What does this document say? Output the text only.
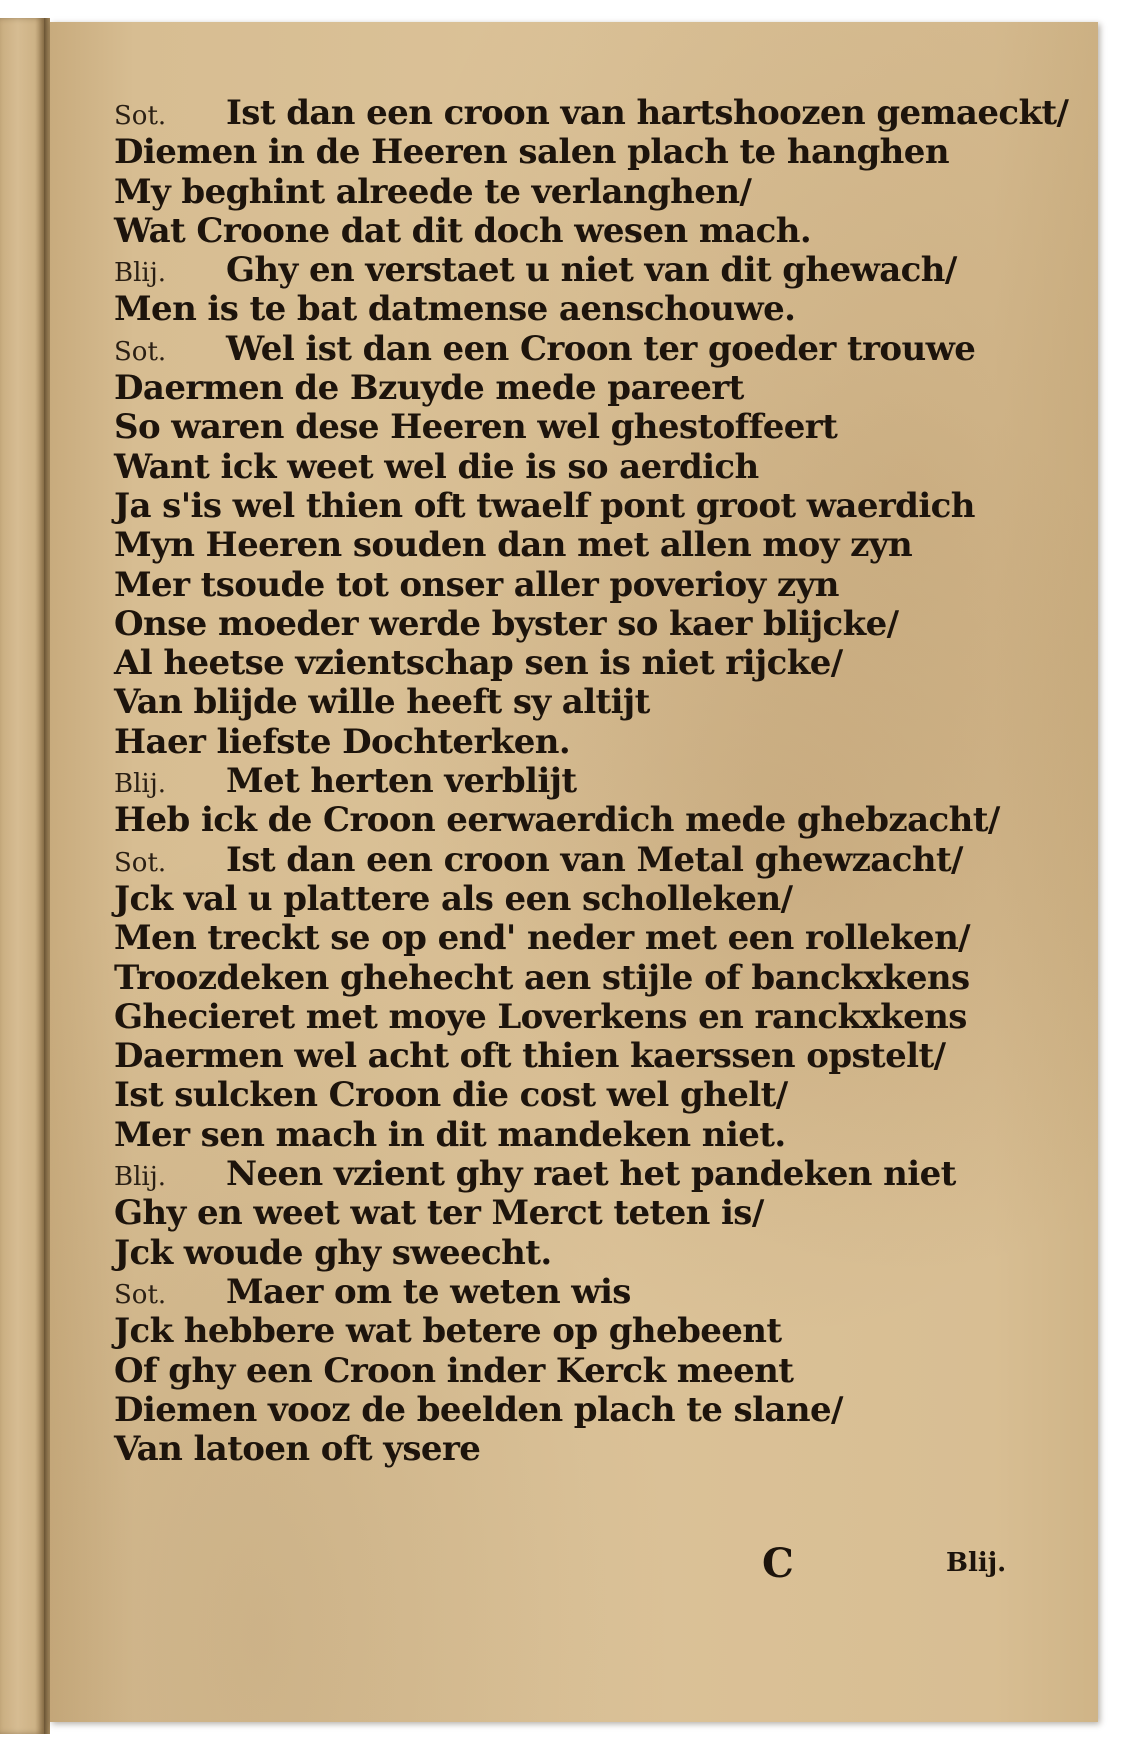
Sot. Ist dan een croon van hartshoozen gemaeckt/
Diemen in de Heeren salen plach te hanghen
My beghint alreede te verlanghen/
Wat Croone dat dit doch wesen mach.
Blij. Ghy en verstaet u niet van dit ghewach/
Men is te bat datmense aenschouwe.
Sot. Wel ist dan een Croon ter goeder trouwe
Daermen de Bzuyde mede pareert
So waren dese Heeren wel ghestoffeert
Want ick weet wel die is so aerdich
Ja s'is wel thien oft twaelf pont groot waerdich
Myn Heeren souden dan met allen moy zyn
Mer tsoude tot onser aller poverioy zyn
Onse moeder werde byster so kaer blijcke/
Al heetse vzientschap sen is niet rijcke/
Van blijde wille heeft sy altijt
Haer liefste Dochterken.
Blij. Met herten verblijt
Heb ick de Croon eerwaerdich mede ghebzacht/
Sot. Ist dan een croon van Metal ghewzacht/
Jck val u plattere als een scholleken/
Men treckt se op end' neder met een rolleken/
Troozdeken ghehecht aen stijle of banckxkens
Ghecieret met moye Loverkens en ranckxkens
Daermen wel acht oft thien kaerssen opstelt/
Ist sulcken Croon die cost wel ghelt/
Mer sen mach in dit mandeken niet.
Blij. Neen vzient ghy raet het pandeken niet
Ghy en weet wat ter Merct teten is/
Jck woude ghy sweecht.
Sot. Maer om te weten wis
Jck hebbere wat betere op ghebeent
Of ghy een Croon inder Kerck meent
Diemen vooz de beelden plach te slane/
Van latoen oft ysere
C	Blij.
